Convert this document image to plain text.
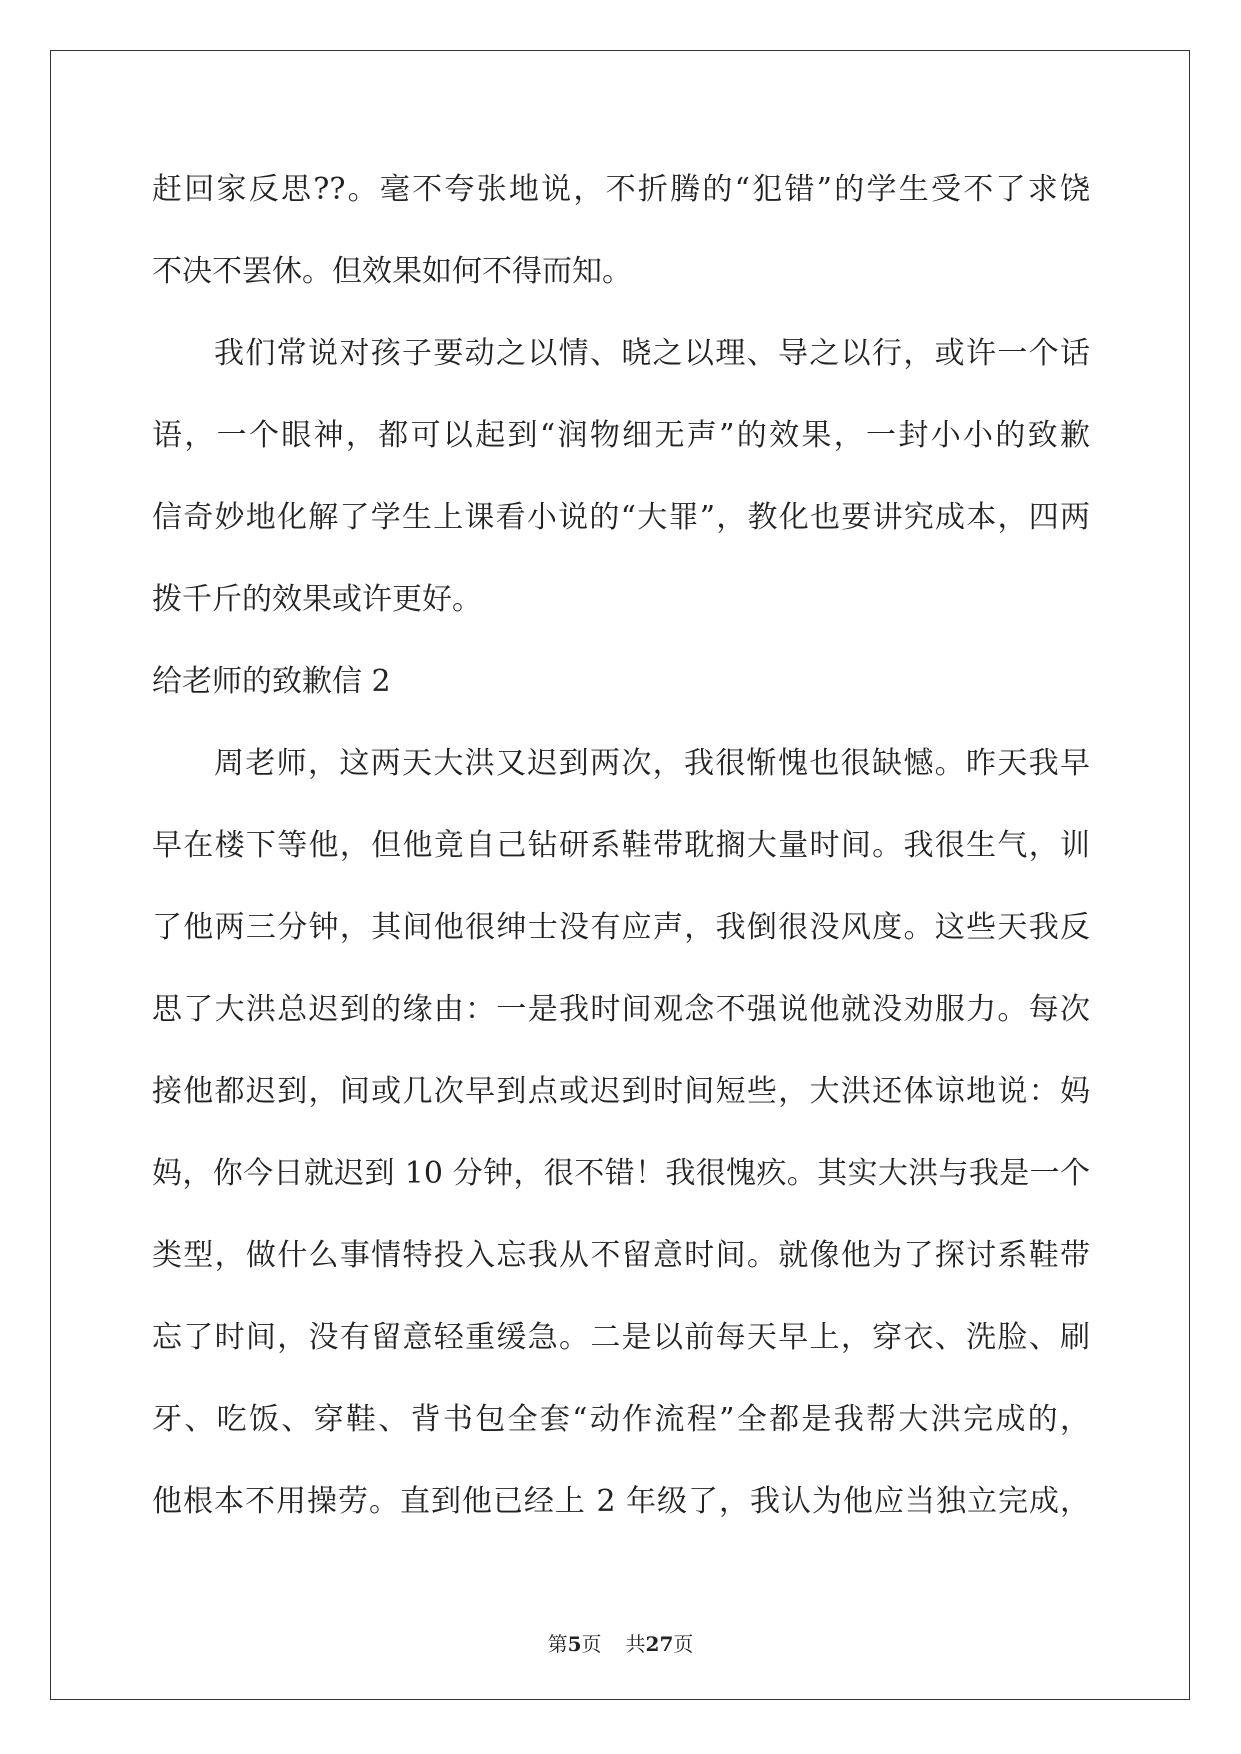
赶回家反思??。毫不夸张地说，不折腾的“犯错”的学生受不了求饶
不决不罢休。但效果如何不得而知。
我们常说对孩子要动之以情、晓之以理、导之以行，或许一个话
语，一个眼神，都可以起到“润物细无声”的效果，一封小小的致歉
信奇妙地化解了学生上课看小说的“大罪”，教化也要讲究成本，四两
拨千斤的效果或许更好。
给老师的致歉信 2
周老师，这两天大洪又迟到两次，我很惭愧也很缺憾。昨天我早
早在楼下等他，但他竟自己钻研系鞋带耽搁大量时间。我很生气，训
了他两三分钟，其间他很绅士没有应声，我倒很没风度。这些天我反
思了大洪总迟到的缘由：一是我时间观念不强说他就没劝服力。每次
接他都迟到，间或几次早到点或迟到时间短些，大洪还体谅地说：妈
妈，你今日就迟到 10 分钟，很不错！我很愧疚。其实大洪与我是一个
类型，做什么事情特投入忘我从不留意时间。就像他为了探讨系鞋带
忘了时间，没有留意轻重缓急。二是以前每天早上，穿衣、洗脸、刷
牙、吃饭、穿鞋、背书包全套“动作流程”全都是我帮大洪完成的，
他根本不用操劳。直到他已经上 2 年级了，我认为他应当独立完成，
第5页 共27页
